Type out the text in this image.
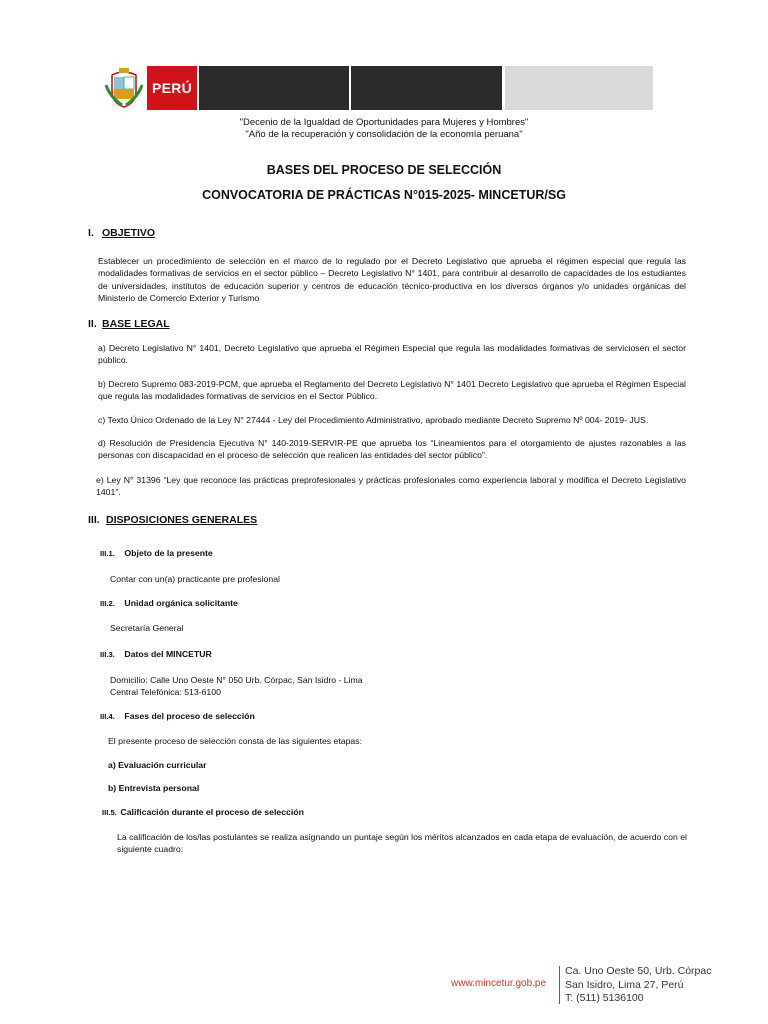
PERÚ
"Decenio de la Igualdad de Oportunidades para Mujeres y Hombres"
"Año de la recuperación y consolidación de la economía peruana"
BASES DEL PROCESO DE SELECCIÓN
CONVOCATORIA DE PRÁCTICAS N°015-2025- MINCETUR/SG
I. OBJETIVO
Establecer un procedimiento de selección en el marco de lo regulado por el Decreto Legislativo que aprueba el régimen especial que regula las modalidades formativas de servicios en el sector público – Decreto Legislativo N° 1401, para contribuir al desarrollo de capacidades de los estudiantes de universidades, institutos de educación superior y centros de educación técnico-productiva en los diversos órganos y/o unidades orgánicas del Ministerio de Comercio Exterior y Turismo
II. BASE LEGAL
a) Decreto Legislativo N° 1401, Decreto Legislativo que aprueba el Régimen Especial que regula las modalidades formativas de serviciosen el sector público.
b) Decreto Supremo 083-2019-PCM, que aprueba el Reglamento del Decreto Legislativo N° 1401 Decreto Legislativo que aprueba el Régimen Especial que regula las modalidades formativas de servicios en el Sector Público.
c) Texto Único Ordenado de la Ley N° 27444 - Ley del Procedimiento Administrativo, aprobado mediante Decreto Supremo Nº 004- 2019- JUS.
d) Resolución de Presidencia Ejecutiva N° 140-2019-SERVIR-PE que aprueba los “Lineamientos para el otorgamiento de ajustes razonables a las personas con discapacidad en el proceso de selección que realicen las entidades del sector público”.
e) Ley N° 31396 “Ley que reconoce las prácticas preprofesionales y prácticas profesionales como experiencia laboral y modifica el Decreto Legislativo 1401”.
III. DISPOSICIONES GENERALES
III.1. Objeto de la presente
Contar con un(a) practicante pre profesional
III.2. Unidad orgánica solicitante
Secretaría General
III.3. Datos del MINCETUR
Domicilio: Calle Uno Oeste N° 050 Urb. Córpac, San Isidro - Lima
Central Telefónica: 513-6100
III.4. Fases del proceso de selección
El presente proceso de selección consta de las siguientes etapas:
a) Evaluación curricular
b) Entrevista personal
III.5. Calificación durante el proceso de selección
La calificación de los/las postulantes se realiza asignando un puntaje según los méritos alcanzados en cada etapa de evaluación, de acuerdo con el siguiente cuadro:
www.mincetur.gob.pe
Ca. Uno Oeste 50, Urb. Córpac
San Isidro, Lima 27, Perú
T: (511) 5136100
